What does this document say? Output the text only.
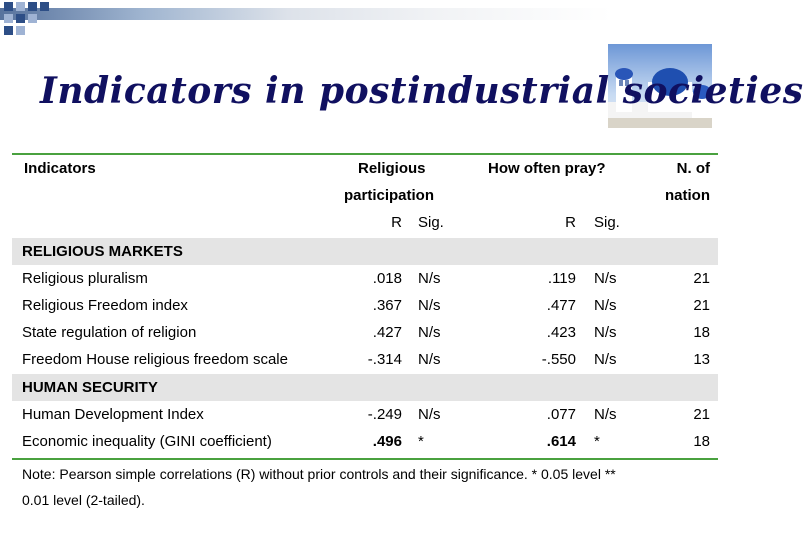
Indicators in postindustrial societies
Indicators	Religious	How often pray?	N. of
participation	nation
R Sig.	R Sig.
RELIGIOUS MARKETS
Religious pluralism	.018 N/s	.119 N/s	21
Religious Freedom index	.367 N/s	.477 N/s	21
State regulation of religion	.427 N/s	.423 N/s	18
Freedom House religious freedom scale	-.314 N/s	-.550 N/s	13
HUMAN SECURITY
Human Development Index	-.249 N/s	.077 N/s	21
Economic inequality (GINI coefficient)	.496 *	.614 *	18
Note: Pearson simple correlations (R) without prior controls and their significance. * 0.05 level **
0.01 level (2-tailed).
